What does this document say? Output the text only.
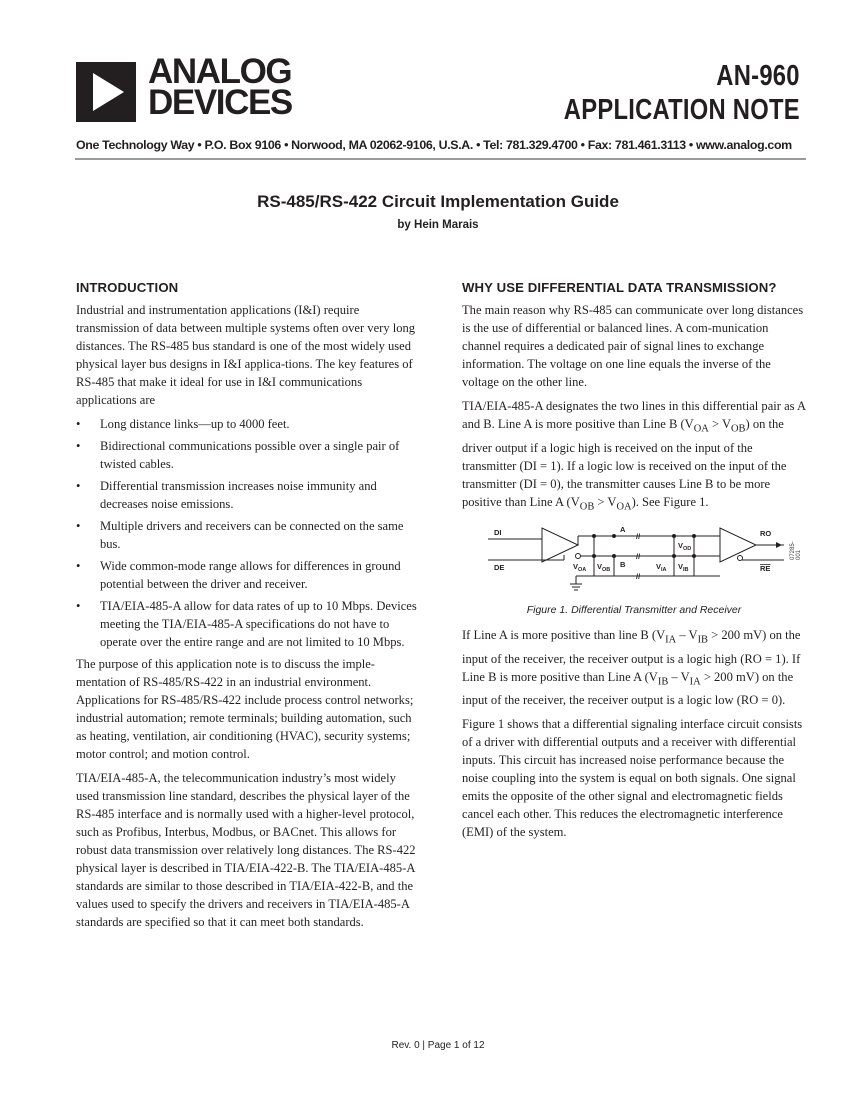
ANALOG
DEVICES
AN-960
APPLICATION NOTE
One Technology Way • P.O. Box 9106 • Norwood, MA 02062-9106, U.S.A. • Tel: 781.329.4700 • Fax: 781.461.3113 • www.analog.com
RS-485/RS-422 Circuit Implementation Guide
by Hein Marais
INTRODUCTION

Industrial and instrumentation applications (I&I) require transmission of data between multiple systems often over very long distances. The RS-485 bus standard is one of the most widely used physical layer bus designs in I&I applica-tions. The key features of RS-485 that make it ideal for use in I&I communications applications are

• Long distance links—up to 4000 feet.
• Bidirectional communications possible over a single pair of twisted cables.
• Differential transmission increases noise immunity and decreases noise emissions.
• Multiple drivers and receivers can be connected on the same bus.
• Wide common-mode range allows for differences in ground potential between the driver and receiver.
• TIA/EIA-485-A allow for data rates of up to 10 Mbps. Devices meeting the TIA/EIA-485-A specifications do not have to operate over the entire range and are not limited to 10 Mbps.

The purpose of this application note is to discuss the imple-mentation of RS-485/RS-422 in an industrial environment. Applications for RS-485/RS-422 include process control networks; industrial automation; remote terminals; building automation, such as heating, ventilation, air conditioning (HVAC), security systems; motor control; and motion control.

TIA/EIA-485-A, the telecommunication industry’s most widely used transmission line standard, describes the physical layer of the RS-485 interface and is normally used with a higher-level protocol, such as Profibus, Interbus, Modbus, or BACnet. This allows for robust data transmission over relatively long distances. The RS-422 physical layer is described in TIA/EIA-422-B. The TIA/EIA-485-A standards are similar to those described in TIA/EIA-422-B, and the values used to specify the drivers and receivers in TIA/EIA-485-A standards are specified so that it can meet both standards.

WHY USE DIFFERENTIAL DATA TRANSMISSION?

The main reason why RS-485 can communicate over long distances is the use of differential or balanced lines. A com-munication channel requires a dedicated pair of signal lines to exchange information. The voltage on one line equals the inverse of the voltage on the other line.

TIA/EIA-485-A designates the two lines in this differential pair as A and B. Line A is more positive than Line B $(V_{OA} > V_{OB})$ on the driver output if a logic high is received on the input of the transmitter (DI = 1). If a logic low is received on the input of the transmitter (DI = 0), the transmitter causes Line B to be more positive than Line A $(V_{OB} > V_{OA})$. See Figure 1.

//
//
//
DI
DE
A
B
RO
RE
$V_{OD}$
$V_{OA}$ $V_{OB}$	$V_{IA}$ $V_{IB}$
07285-001
Figure 1. Differential Transmitter and Receiver

If Line A is more positive than line B ($V_{IA} - V_{IB} > 200$ mV) on the input of the receiver, the receiver output is a logic high (RO = 1). If Line B is more positive than Line A ($V_{IB} - V_{IA} > 200$ mV) on the input of the receiver, the receiver output is a logic low (RO = 0).

Figure 1 shows that a differential signaling interface circuit consists of a driver with differential outputs and a receiver with differential inputs. This circuit has increased noise performance because the noise coupling into the system is equal on both signals. One signal emits the opposite of the other signal and electromagnetic fields cancel each other. This reduces the electromagnetic interference (EMI) of the system.

Rev. 0 | Page 1 of 12
